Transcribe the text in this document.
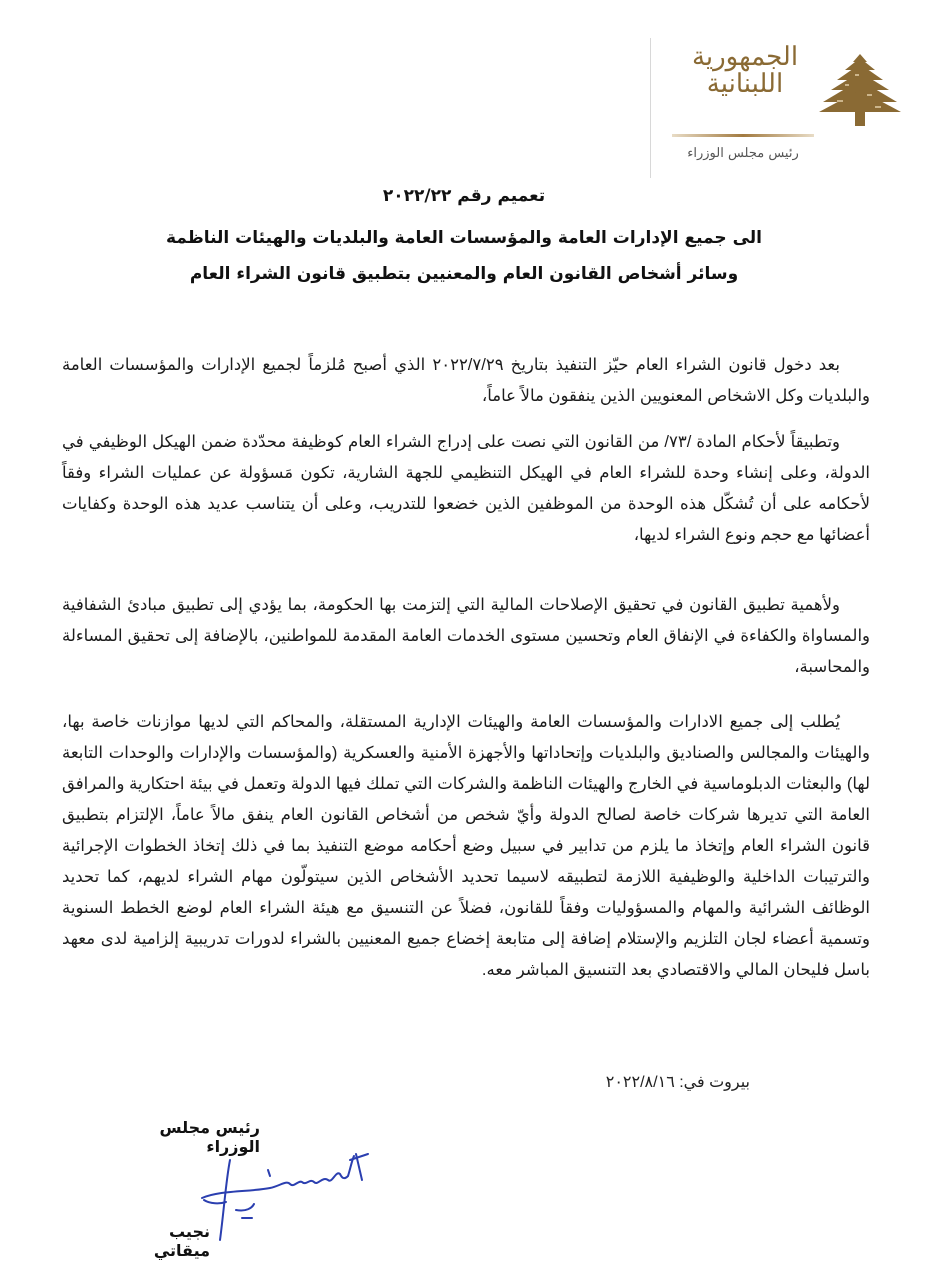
الجمهورية
اللبنانية
رئيس مجلس الوزراء
تعميم رقم ٢٠٢٢/٢٢
الى جميع الإدارات العامة والمؤسسات العامة والبلديات والهيئات الناظمة
وسائر أشخاص القانون العام والمعنيين بتطبيق قانون الشراء العام

بعد دخول قانون الشراء العام حيّز التنفيذ بتاريخ ٢٠٢٢/٧/٢٩ الذي أصبح مُلزماً لجميع الإدارات والمؤسسات العامة والبلديات وكل الاشخاص المعنويين الذين ينفقون مالاً عاماً،

وتطبيقاً لأحكام المادة /٧٣/ من القانون التي نصت على إدراج الشراء العام كوظيفة محدّدة ضمن الهيكل الوظيفي في الدولة، وعلى إنشاء وحدة للشراء العام في الهيكل التنظيمي للجهة الشارية، تكون مَسؤولة عن عمليات الشراء وفقاً لأحكامه على أن تُشكّل هذه الوحدة من الموظفين الذين خضعوا للتدريب، وعلى أن يتناسب عديد هذه الوحدة وكفايات أعضائها مع حجم ونوع الشراء لديها،

ولأهمية تطبيق القانون في تحقيق الإصلاحات المالية التي إلتزمت بها الحكومة، بما يؤدي إلى تطبيق مبادئ الشفافية والمساواة والكفاءة في الإنفاق العام وتحسين مستوى الخدمات العامة المقدمة للمواطنين، بالإضافة إلى تحقيق المساءلة والمحاسبة،

يُطلب إلى جميع الادارات والمؤسسات العامة والهيئات الإدارية المستقلة، والمحاكم التي لديها موازنات خاصة بها، والهيئات والمجالس والصناديق والبلديات وإتحاداتها والأجهزة الأمنية والعسكرية (والمؤسسات والإدارات والوحدات التابعة لها) والبعثات الدبلوماسية في الخارج والهيئات الناظمة والشركات التي تملك فيها الدولة وتعمل في بيئة احتكارية والمرافق العامة التي تديرها شركات خاصة لصالح الدولة وأيّ شخص من أشخاص القانون العام ينفق مالاً عاماً، الإلتزام بتطبيق قانون الشراء العام وإتخاذ ما يلزم من تدابير في سبيل وضع أحكامه موضع التنفيذ بما في ذلك إتخاذ الخطوات الإجرائية والترتيبات الداخلية والوظيفية اللازمة لتطبيقه لاسيما تحديد الأشخاص الذين سيتولّون مهام الشراء لديهم، كما تحديد الوظائف الشرائية والمهام والمسؤوليات وفقاً للقانون، فضلاً عن التنسيق مع هيئة الشراء العام لوضع الخطط السنوية وتسمية أعضاء لجان التلزيم والإستلام إضافة إلى متابعة إخضاع جميع المعنيين بالشراء لدورات تدريبية إلزامية لدى معهد باسل فليحان المالي والاقتصادي بعد التنسيق المباشر معه.

بيروت في: ٢٠٢٢/٨/١٦
رئيس مجلس الوزراء
نجيب ميقاتي
